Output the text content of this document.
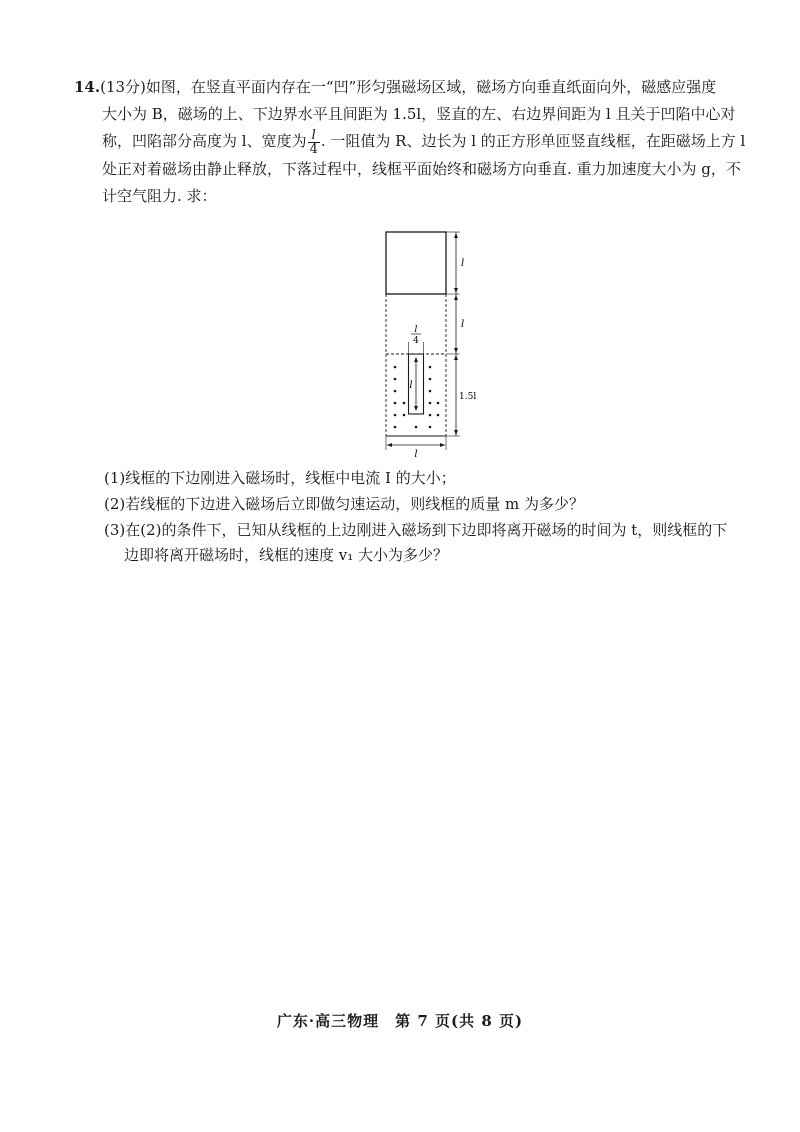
14.(13分)如图，在竖直平面内存在一“凹”形匀强磁场区域，磁场方向垂直纸面向外，磁感应强度
大小为 B，磁场的上、下边界水平且间距为 1.5l，竖直的左、右边界间距为 l 且关于凹陷中心对
称，凹陷部分高度为 l、宽度为 $\frac{l}{4}$ . 一阻值为 R、边长为 l 的正方形单匝竖直线框，在距磁场上方 l
处正对着磁场由静止释放，下落过程中，线框平面始终和磁场方向垂直. 重力加速度大小为 g，不
计空气阻力. 求：
l
l
4
l
l
1.5l
l
(1)线框的下边刚进入磁场时，线框中电流 I 的大小；
(2)若线框的下边进入磁场后立即做匀速运动，则线框的质量 m 为多少？
(3)在(2)的条件下，已知从线框的上边刚进入磁场到下边即将离开磁场的时间为 t，则线框的下
边即将离开磁场时，线框的速度 v₁ 大小为多少？
广东·高三物理　第 7 页(共 8 页)
